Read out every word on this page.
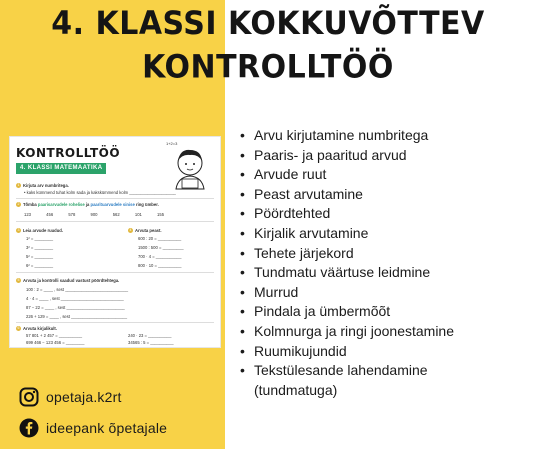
4. KLASSI KOKKUVÕTTEV
KONTROLLTÖÖ
KONTROLLTÖÖ
4. KLASSI MATEMAATIKA
1+2=3
1 Kirjuta arv numbritega.
• kaks kümmend tuhat kolm sada ja kakskümmend kolm ____________________
2 Tõmba paarisarvudele rohelise ja paarituarvudele sinise ring ümber.
123	456	578	900	562	101	155
3 Leia arvude ruudud.
1² = ________
3² = ________
5² = ________
6² = ________
4 Arvuta peast.
600 : 20 = __________
1500 : 500 = _________
700 · 4 = ___________
800 · 10 = __________
5 Arvuta ja kontrolli saadud vastust pöördtehtega.
100 : 2 = ____ , sest ___________________________
4 · 4 = ____ , sest ___________________________
87 − 22 = ____ , sest _________________________
226 + 129 = ____ , sest ________________________
6 Arvuta kirjalikult.
57 801 + 2 457 = __________
699 466 − 123 456 = ________
240 · 23 = __________
34565 : 5 = __________
• Arvu kirjutamine numbritega
• Paaris- ja paaritud arvud
• Arvude ruut
• Peast arvutamine
• Pöördtehted
• Kirjalik arvutamine
• Tehete järjekord
• Tundmatu väärtuse leidmine
• Murrud
• Pindala ja ümbermõõt
• Kolmnurga ja ringi joonestamine
• Ruumikujundid
• Tekstülesande lahendamine (tundmatuga)
opetaja.k2rt
ideepank õpetajale
